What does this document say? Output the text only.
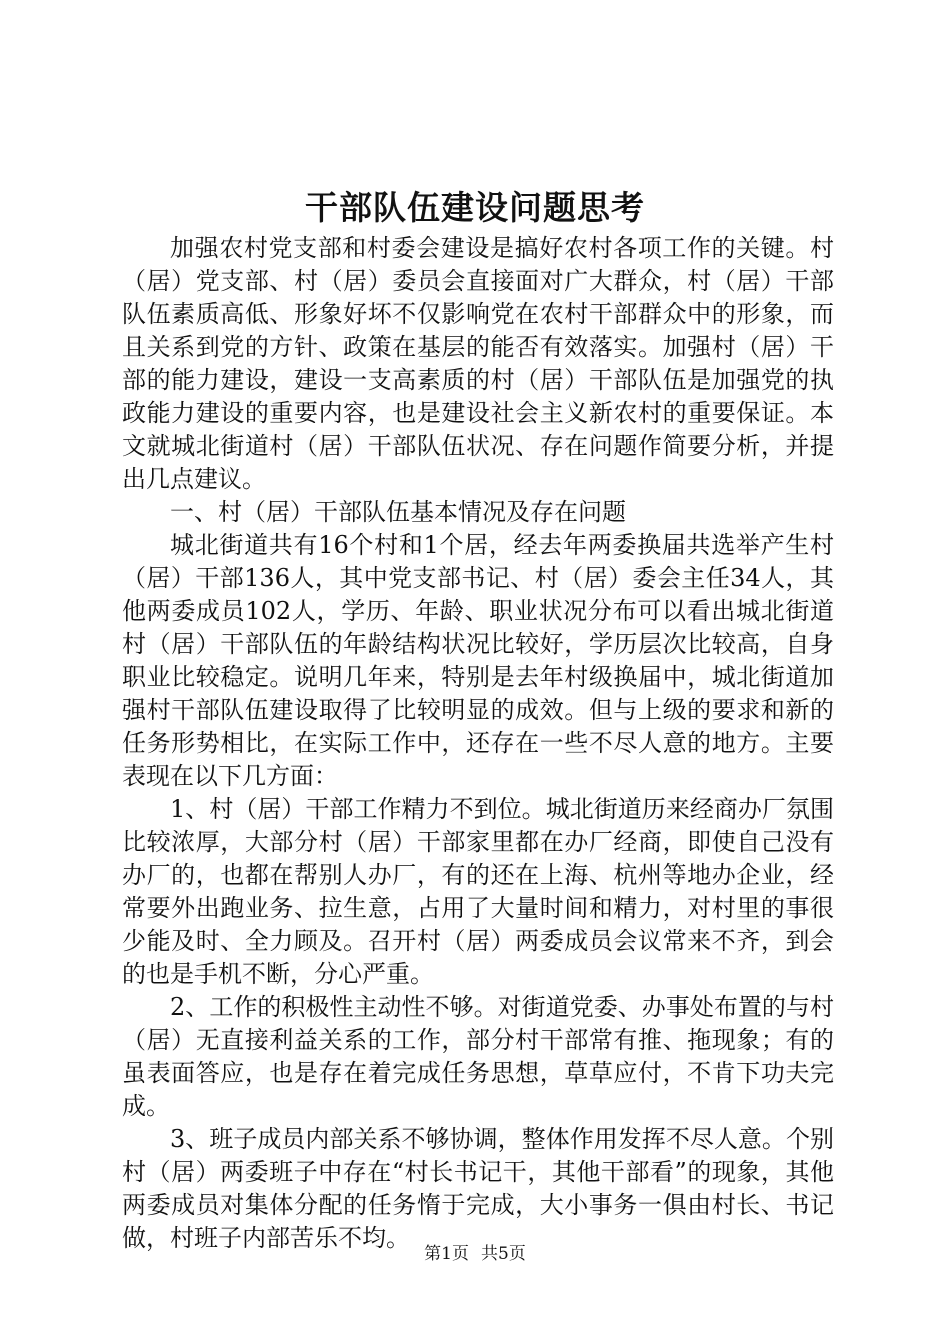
干部队伍建设问题思考

加强农村党支部和村委会建设是搞好农村各项工作的关键。村（居）党支部、村（居）委员会直接面对广大群众，村（居）干部队伍素质高低、形象好坏不仅影响党在农村干部群众中的形象，而且关系到党的方针、政策在基层的能否有效落实。加强村（居）干部的能力建设，建设一支高素质的村（居）干部队伍是加强党的执政能力建设的重要内容，也是建设社会主义新农村的重要保证。本文就城北街道村（居）干部队伍状况、存在问题作简要分析，并提出几点建议。

一、村（居）干部队伍基本情况及存在问题

城北街道共有16个村和1个居，经去年两委换届共选举产生村（居）干部136人，其中党支部书记、村（居）委会主任34人，其他两委成员102人，学历、年龄、职业状况分布可以看出城北街道村（居）干部队伍的年龄结构状况比较好，学历层次比较高，自身职业比较稳定。说明几年来，特别是去年村级换届中，城北街道加强村干部队伍建设取得了比较明显的成效。但与上级的要求和新的任务形势相比，在实际工作中，还存在一些不尽人意的地方。主要表现在以下几方面：

1、村（居）干部工作精力不到位。城北街道历来经商办厂氛围比较浓厚，大部分村（居）干部家里都在办厂经商，即使自己没有办厂的，也都在帮别人办厂，有的还在上海、杭州等地办企业，经常要外出跑业务、拉生意，占用了大量时间和精力，对村里的事很少能及时、全力顾及。召开村（居）两委成员会议常来不齐，到会的也是手机不断，分心严重。

2、工作的积极性主动性不够。对街道党委、办事处布置的与村（居）无直接利益关系的工作，部分村干部常有推、拖现象；有的虽表面答应，也是存在着完成任务思想，草草应付，不肯下功夫完成。

3、班子成员内部关系不够协调，整体作用发挥不尽人意。个别村（居）两委班子中存在“村长书记干，其他干部看”的现象，其他两委成员对集体分配的任务惰于完成，大小事务一俱由村长、书记做，村班子内部苦乐不均。

第1页 共5页
